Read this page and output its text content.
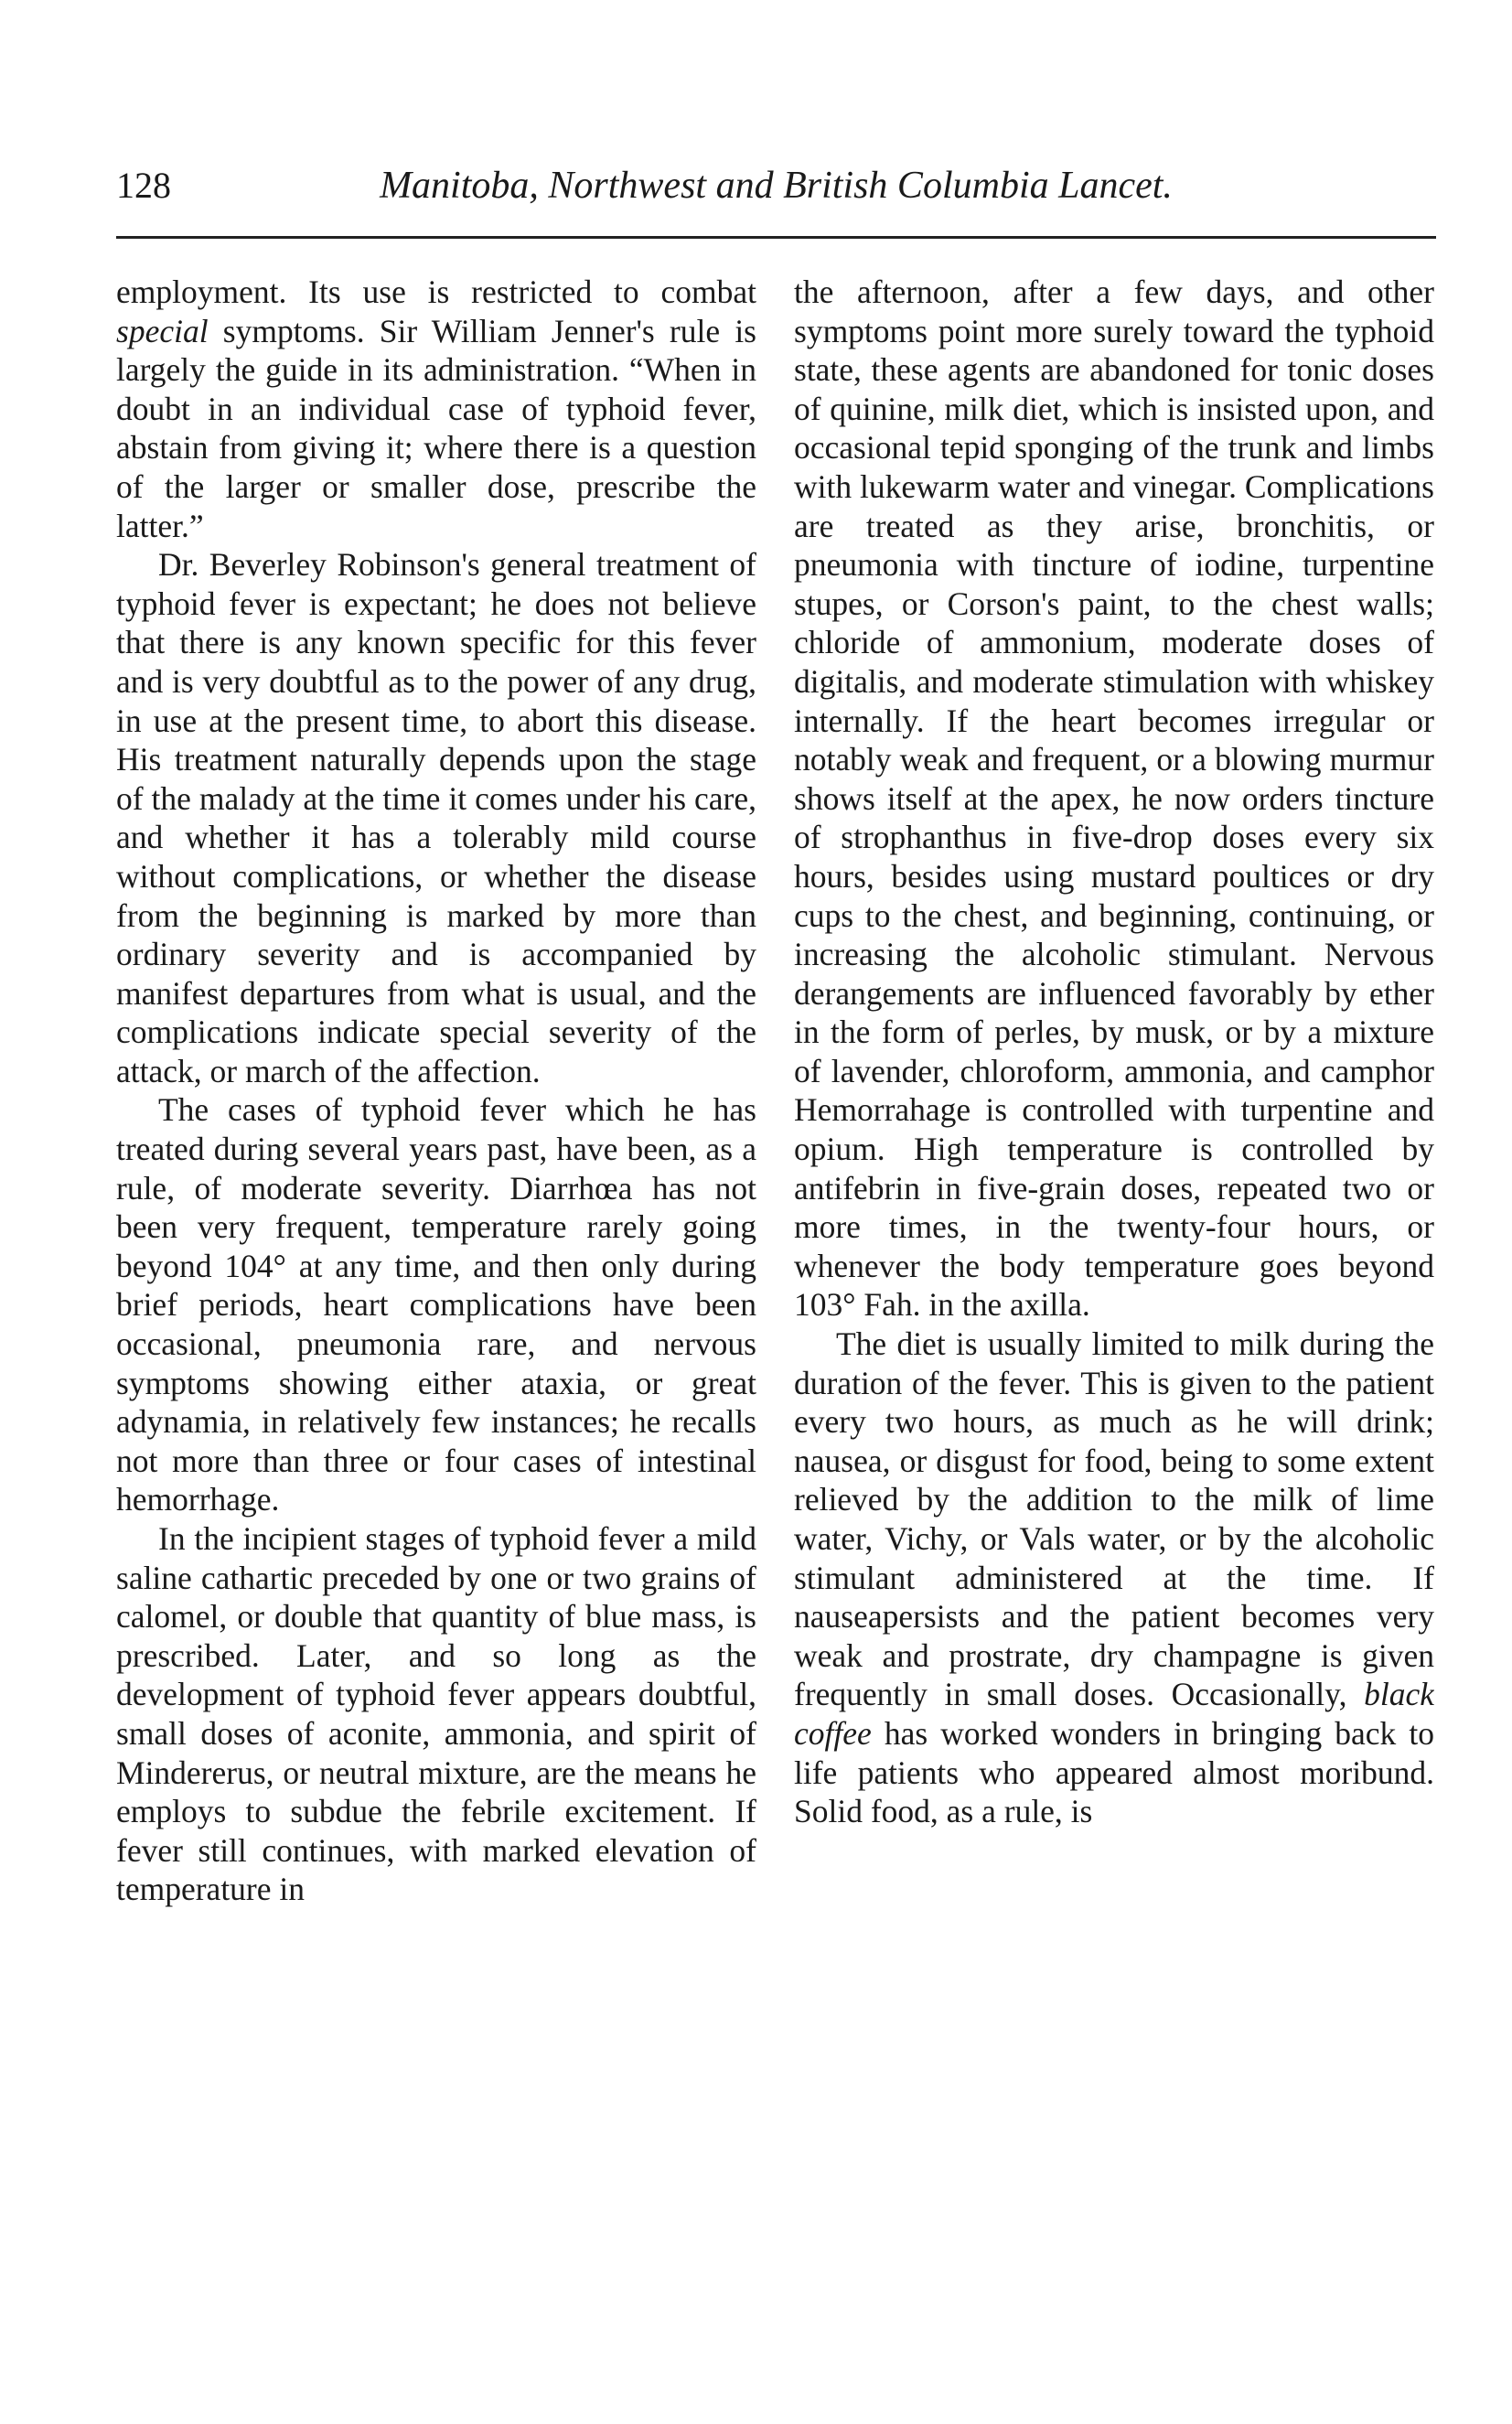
128	Manitoba, Northwest and British Columbia Lancet.

employment. Its use is restricted to combat special symptoms. Sir William Jenner's rule is largely the guide in its administration. “When in doubt in an individual case of typhoid fever, abstain from giving it; where there is a question of the larger or smaller dose, prescribe the latter.”

Dr. Beverley Robinson's general treatment of typhoid fever is expectant; he does not believe that there is any known specific for this fever and is very doubtful as to the power of any drug, in use at the present time, to abort this disease. His treatment naturally depends upon the stage of the malady at the time it comes under his care, and whether it has a tolerably mild course without complications, or whether the disease from the beginning is marked by more than ordinary severity and is accompanied by manifest departures from what is usual, and the complications indicate special severity of the attack, or march of the affection.

The cases of typhoid fever which he has treated during several years past, have been, as a rule, of moderate severity. Diarrhœa has not been very frequent, temperature rarely going beyond 104° at any time, and then only during brief periods, heart complications have been occasional, pneumonia rare, and nervous symptoms showing either ataxia, or great adynamia, in relatively few instances; he recalls not more than three or four cases of intestinal hemorrhage.

In the incipient stages of typhoid fever a mild saline cathartic preceded by one or two grains of calomel, or double that quantity of blue mass, is prescribed. Later, and so long as the development of typhoid fever appears doubtful, small doses of aconite, ammonia, and spirit of Mindererus, or neutral mixture, are the means he employs to subdue the febrile excitement. If fever still continues, with marked elevation of temperature in

the afternoon, after a few days, and other symptoms point more surely toward the typhoid state, these agents are abandoned for tonic doses of quinine, milk diet, which is insisted upon, and occasional tepid sponging of the trunk and limbs with lukewarm water and vinegar. Complications are treated as they arise, bronchitis, or pneumonia with tincture of iodine, turpentine stupes, or Corson's paint, to the chest walls; chloride of ammonium, moderate doses of digitalis, and moderate stimulation with whiskey internally. If the heart becomes irregular or notably weak and frequent, or a blowing murmur shows itself at the apex, he now orders tincture of strophanthus in five-drop doses every six hours, besides using mustard poultices or dry cups to the chest, and beginning, continuing, or increasing the alcoholic stimulant. Nervous derangements are influenced favorably by ether in the form of perles, by musk, or by a mixture of lavender, chloroform, ammonia, and camphor Hemorrahage is controlled with turpentine and opium. High temperature is controlled by antifebrin in five-grain doses, repeated two or more times, in the twenty-four hours, or whenever the body temperature goes beyond 103° Fah. in the axilla.

The diet is usually limited to milk during the duration of the fever. This is given to the patient every two hours, as much as he will drink; nausea, or disgust for food, being to some extent relieved by the addition to the milk of lime water, Vichy, or Vals water, or by the alcoholic stimulant administered at the time. If nauseapersists and the patient becomes very weak and prostrate, dry champagne is given frequently in small doses. Occasionally, black coffee has worked wonders in bringing back to life patients who appeared almost moribund. Solid food, as a rule, is
